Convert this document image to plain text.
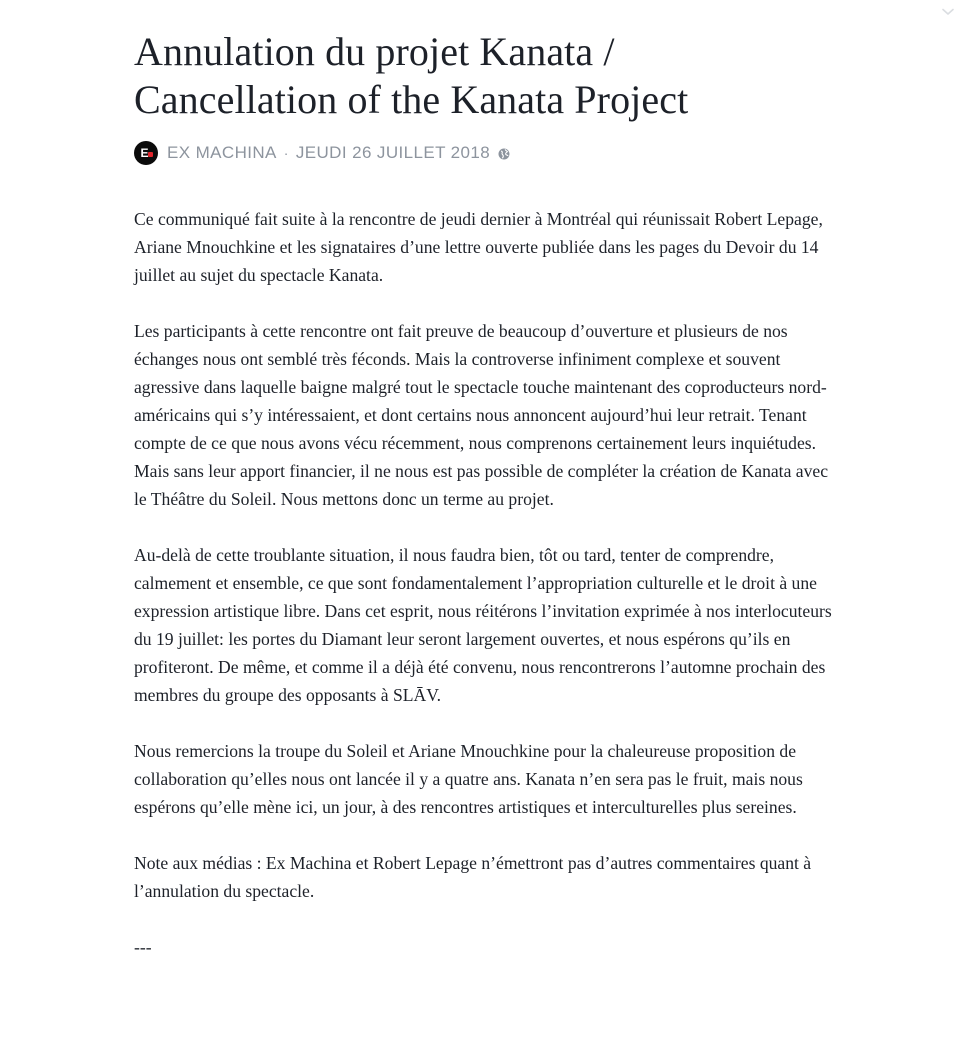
Annulation du projet Kanata /
Cancellation of the Kanata Project
E EX MACHINA · JEUDI 26 JUILLET 2018

Ce communiqué fait suite à la rencontre de jeudi dernier à Montréal qui réunissait Robert Lepage, Ariane Mnouchkine et les signataires d’une lettre ouverte publiée dans les pages du Devoir du 14 juillet au sujet du spectacle Kanata.

Les participants à cette rencontre ont fait preuve de beaucoup d’ouverture et plusieurs de nos échanges nous ont semblé très féconds. Mais la controverse infiniment complexe et souvent agressive dans laquelle baigne malgré tout le spectacle touche maintenant des coproducteurs nord-américains qui s’y intéressaient, et dont certains nous annoncent aujourd’hui leur retrait. Tenant compte de ce que nous avons vécu récemment, nous comprenons certainement leurs inquiétudes. Mais sans leur apport financier, il ne nous est pas possible de compléter la création de Kanata avec le Théâtre du Soleil. Nous mettons donc un terme au projet.

Au-delà de cette troublante situation, il nous faudra bien, tôt ou tard, tenter de comprendre, calmement et ensemble, ce que sont fondamentalement l’appropriation culturelle et le droit à une expression artistique libre. Dans cet esprit, nous réitérons l’invitation exprimée à nos interlocuteurs du 19 juillet: les portes du Diamant leur seront largement ouvertes, et nous espérons qu’ils en profiteront. De même, et comme il a déjà été convenu, nous rencontrerons l’automne prochain des membres du groupe des opposants à SLĀV.

Nous remercions la troupe du Soleil et Ariane Mnouchkine pour la chaleureuse proposition de collaboration qu’elles nous ont lancée il y a quatre ans. Kanata n’en sera pas le fruit, mais nous espérons qu’elle mène ici, un jour, à des rencontres artistiques et interculturelles plus sereines.

Note aux médias : Ex Machina et Robert Lepage n’émettront pas d’autres commentaires quant à l’annulation du spectacle.

---
